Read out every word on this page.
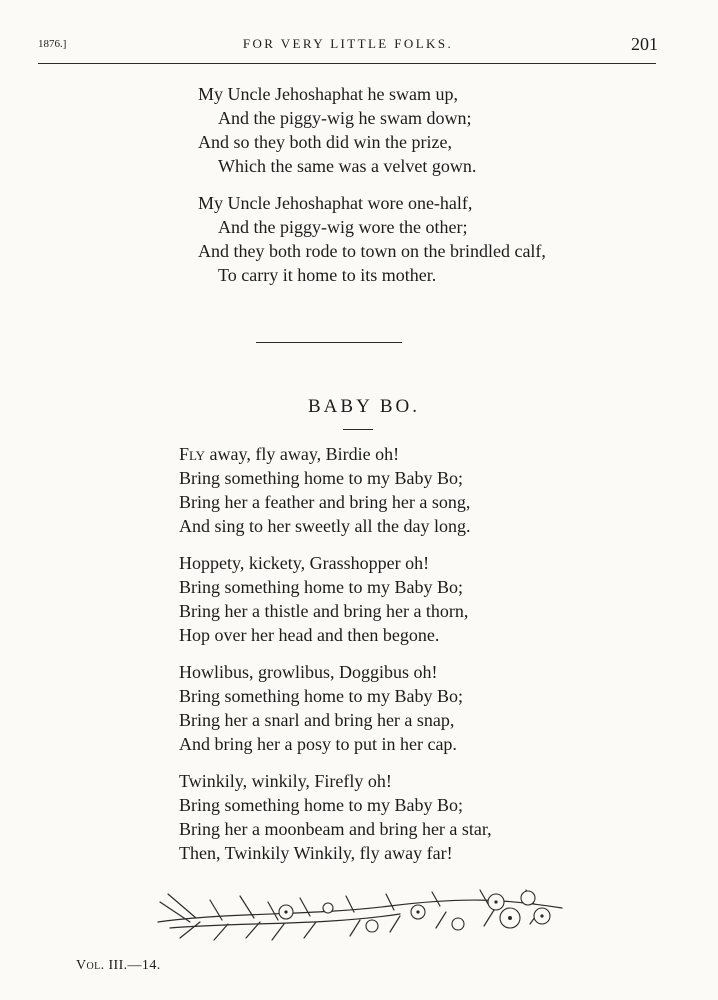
1876.]	FOR VERY LITTLE FOLKS.	201
My Uncle Jehoshaphat he swam up,
And the piggy-wig he swam down;
And so they both did win the prize,
Which the same was a velvet gown.
My Uncle Jehoshaphat wore one-half,
And the piggy-wig wore the other;
And they both rode to town on the brindled calf,
To carry it home to its mother.
BABY BO.
Fly away, fly away, Birdie oh!
Bring something home to my Baby Bo;
Bring her a feather and bring her a song,
And sing to her sweetly all the day long.
Hoppety, kickety, Grasshopper oh!
Bring something home to my Baby Bo;
Bring her a thistle and bring her a thorn,
Hop over her head and then begone.
Howlibus, growlibus, Doggibus oh!
Bring something home to my Baby Bo;
Bring her a snarl and bring her a snap,
And bring her a posy to put in her cap.
Twinkily, winkily, Firefly oh!
Bring something home to my Baby Bo;
Bring her a moonbeam and bring her a star,
Then, Twinkily Winkily, fly away far!
Vol. III.—14.
